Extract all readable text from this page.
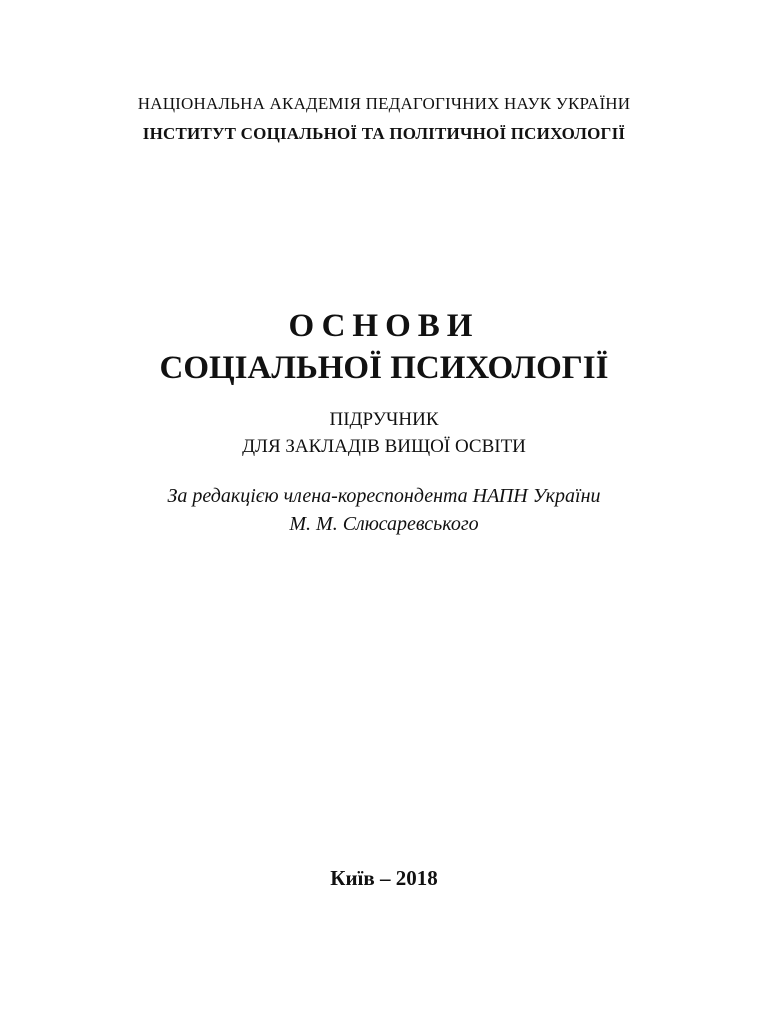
НАЦІОНАЛЬНА АКАДЕМІЯ ПЕДАГОГІЧНИХ НАУК УКРАЇНИ
ІНСТИТУТ СОЦІАЛЬНОЇ ТА ПОЛІТИЧНОЇ ПСИХОЛОГІЇ
ОСНОВИ
СОЦІАЛЬНОЇ ПСИХОЛОГІЇ
ПІДРУЧНИК
ДЛЯ ЗАКЛАДІВ ВИЩОЇ ОСВІТИ
За редакцією члена-кореспондента НАПН України
М. М. Слюсаревського
Київ – 2018
